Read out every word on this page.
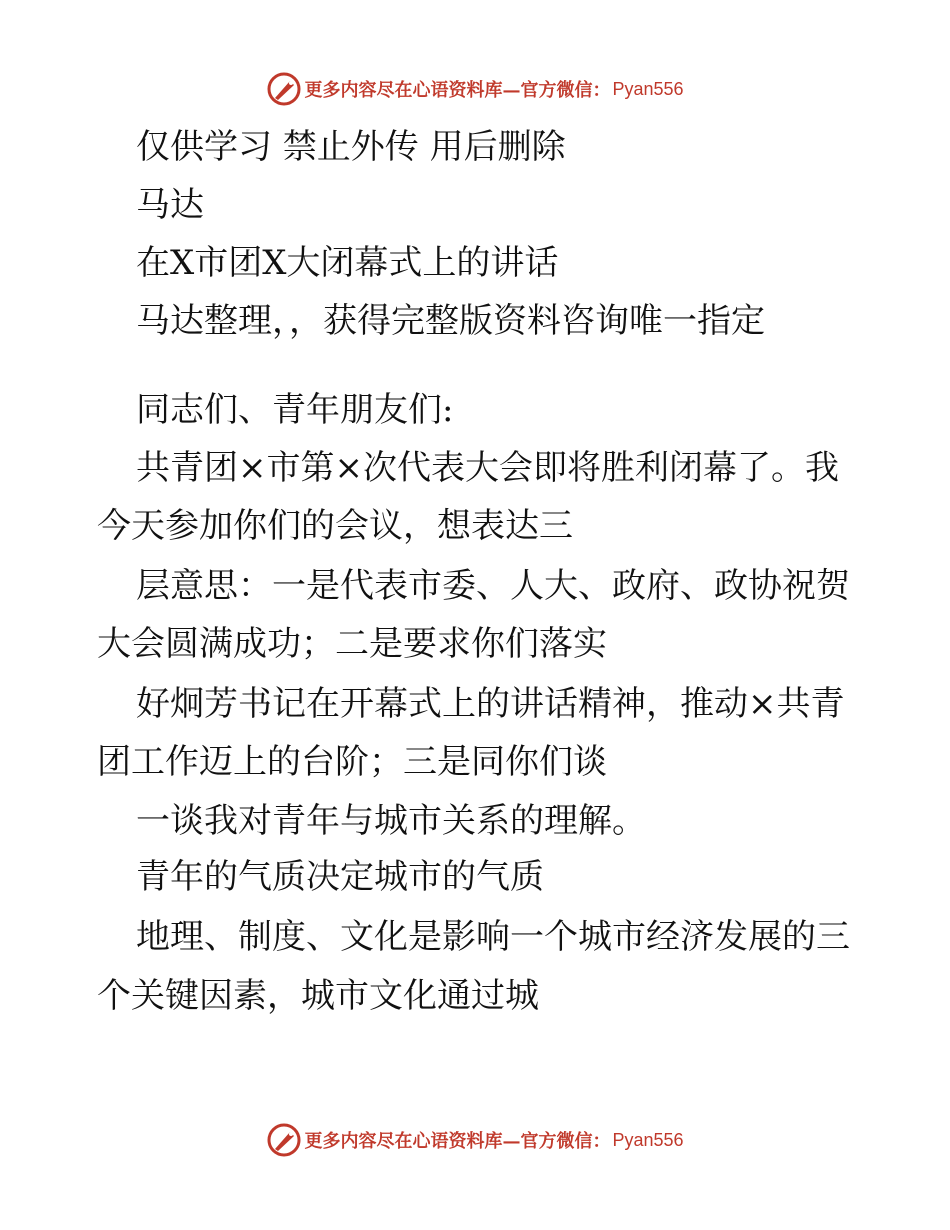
更多内容尽在心语资料库—官方微信： Pyan556
仅供学习 禁止外传 用后删除
马达
在X市团X大闭幕式上的讲话
马达整理，，获得完整版资料咨询唯一指定
同志们、青年朋友们:
共青团×市第×次代表大会即将胜利闭幕了。我
今天参加你们的会议，想表达三
层意思：一是代表市委、人大、政府、政协祝贺
大会圆满成功；二是要求你们落实
好炯芳书记在开幕式上的讲话精神，推动×共青
团工作迈上的台阶；三是同你们谈
一谈我对青年与城市关系的理解。
青年的气质决定城市的气质
地理、制度、文化是影响一个城市经济发展的三
个关键因素，城市文化通过城
更多内容尽在心语资料库—官方微信： Pyan556
